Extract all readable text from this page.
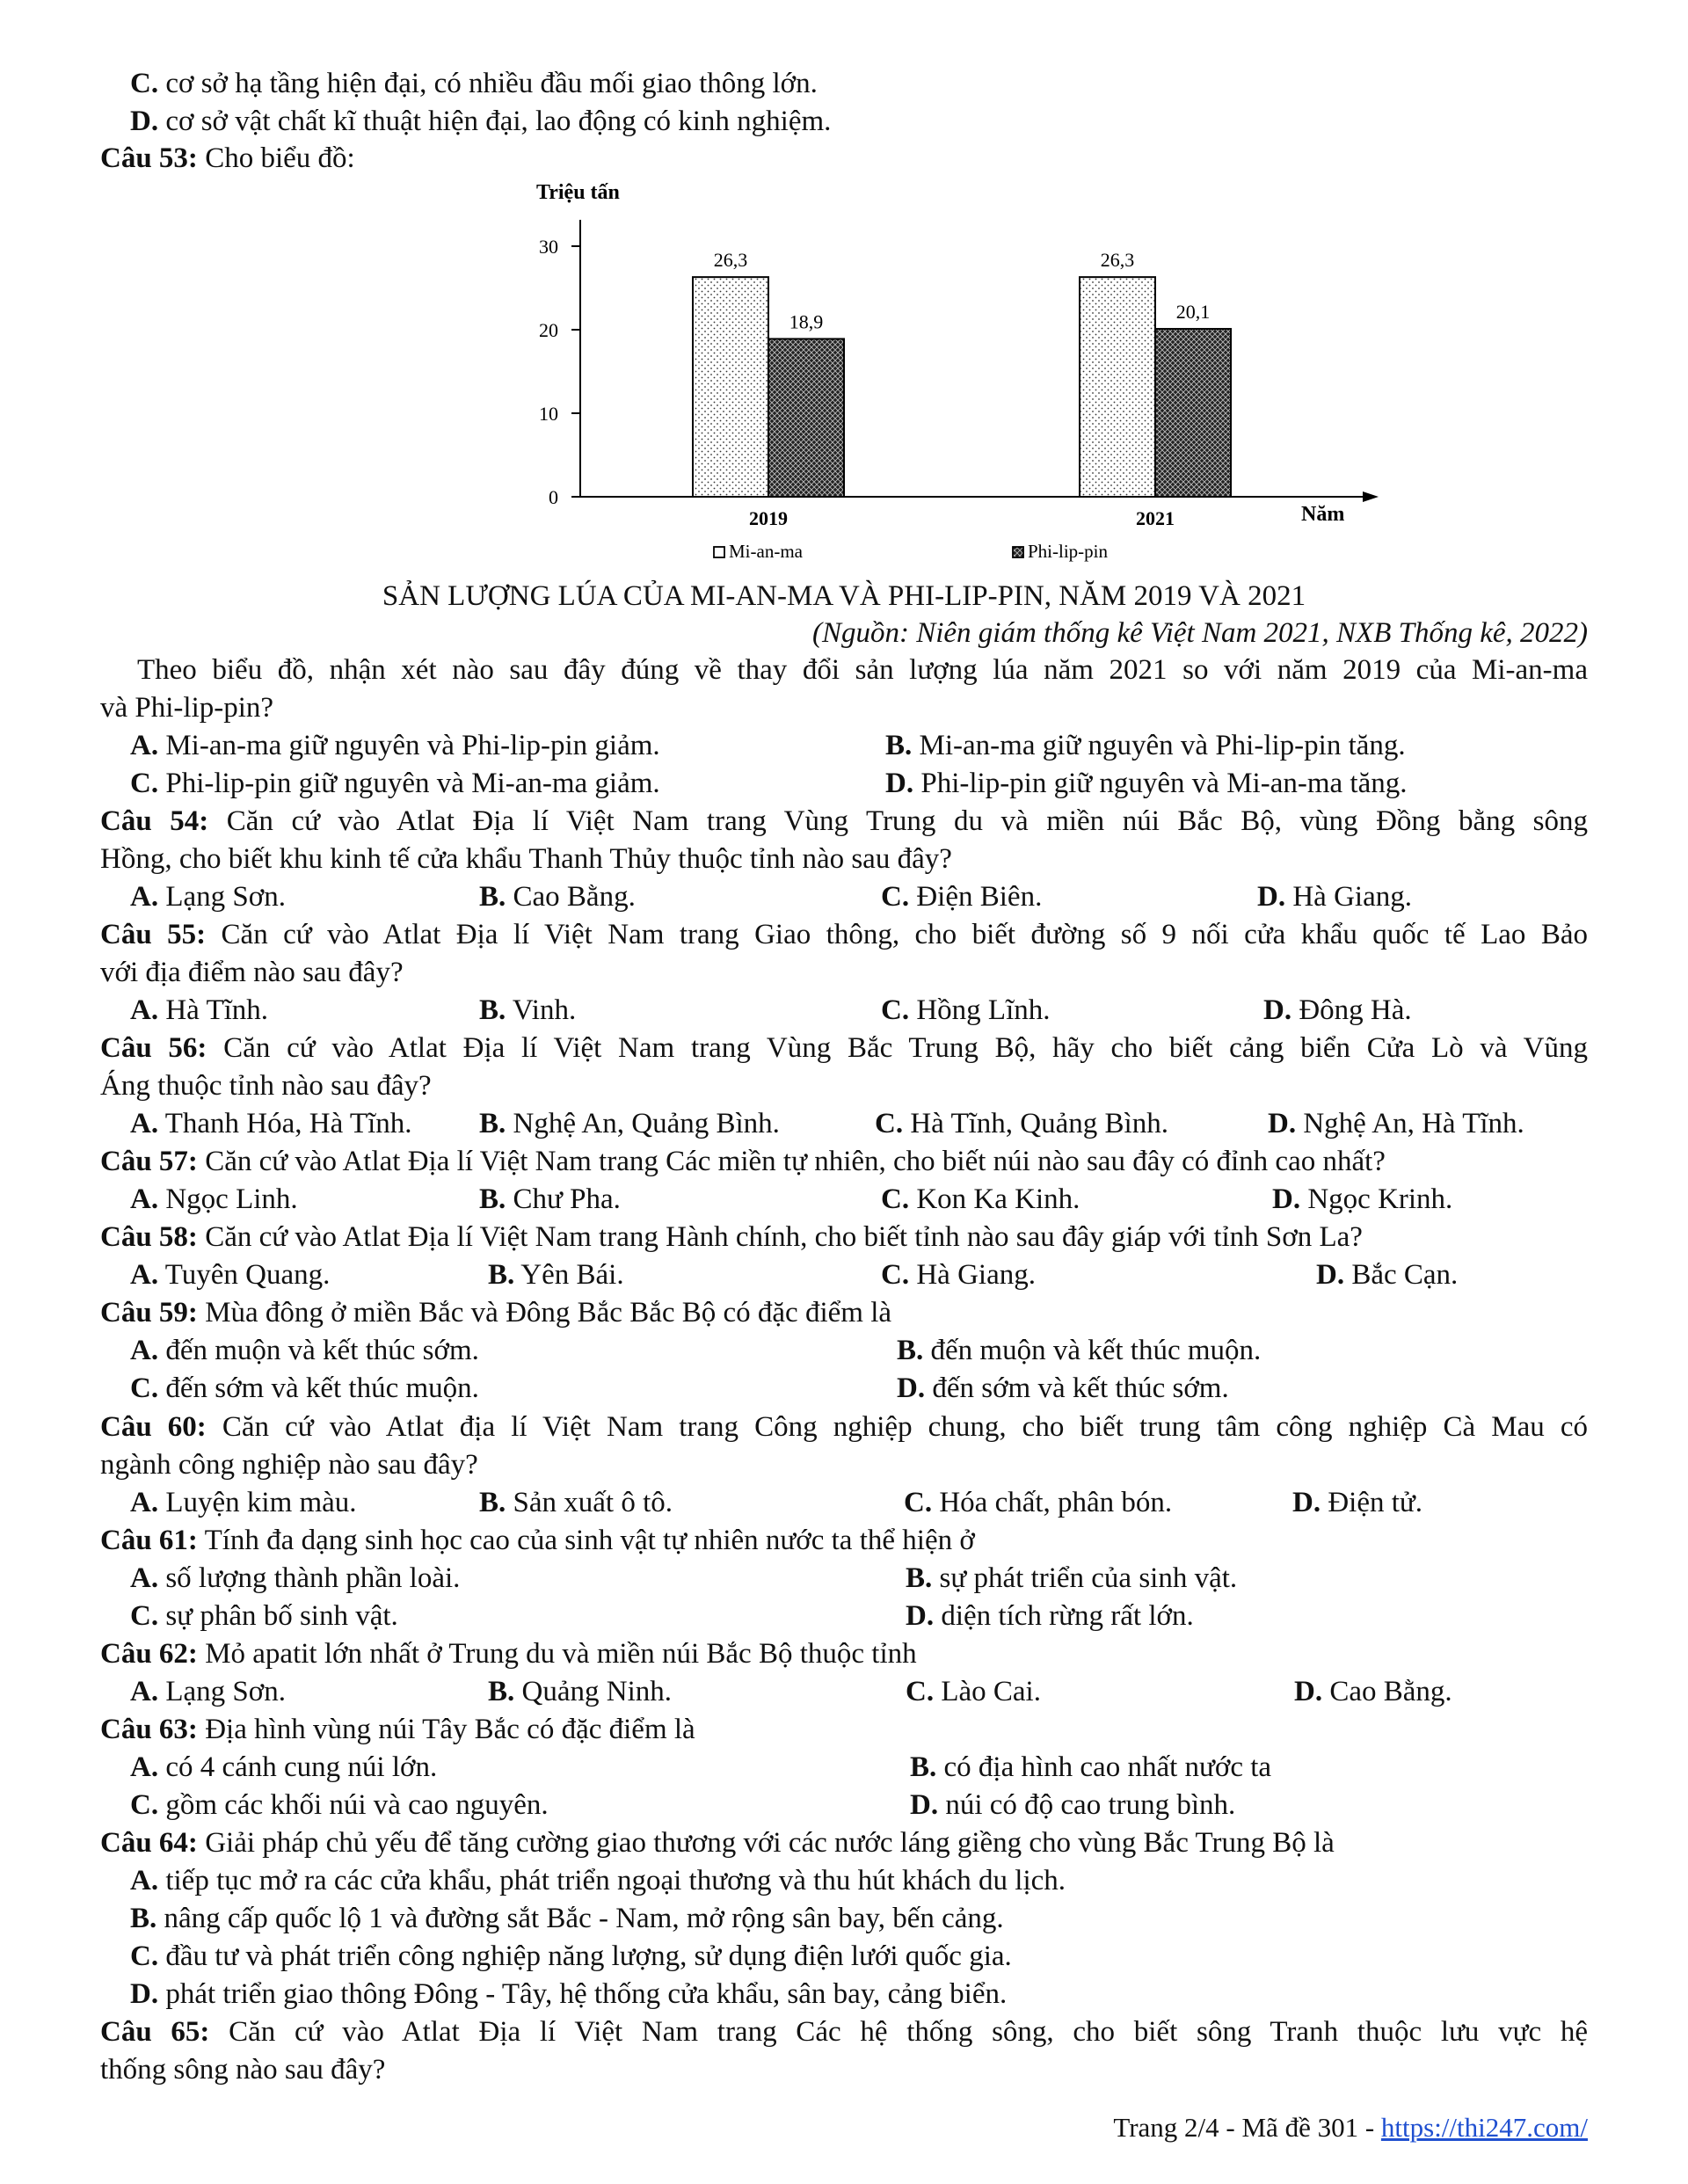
C. cơ sở hạ tầng hiện đại, có nhiều đầu mối giao thông lớn.
D. cơ sở vật chất kĩ thuật hiện đại, lao động có kinh nghiệm.
Câu 53: Cho biểu đồ:
Triệu tấn
0
10
20
30
Năm
26,3
18,9
2019
26,3
20,1
2021
Mi-an-ma	Phi-lip-pin
SẢN LƯỢNG LÚA CỦA MI-AN-MA VÀ PHI-LIP-PIN, NĂM 2019 VÀ 2021
(Nguồn: Niên giám thống kê Việt Nam 2021, NXB Thống kê, 2022)
Theo biểu đồ, nhận xét nào sau đây đúng về thay đổi sản lượng lúa năm 2021 so với năm 2019 của Mi-an-ma
và Phi-lip-pin?
A. Mi-an-ma giữ nguyên và Phi-lip-pin giảm.	B. Mi-an-ma giữ nguyên và Phi-lip-pin tăng.
C. Phi-lip-pin giữ nguyên và Mi-an-ma giảm.	D. Phi-lip-pin giữ nguyên và Mi-an-ma tăng.
Câu 54: Căn cứ vào Atlat Địa lí Việt Nam trang Vùng Trung du và miền núi Bắc Bộ, vùng Đồng bằng sông
Hồng, cho biết khu kinh tế cửa khẩu Thanh Thủy thuộc tỉnh nào sau đây?
A. Lạng Sơn.	B. Cao Bằng.	C. Điện Biên.	D. Hà Giang.
Câu 55: Căn cứ vào Atlat Địa lí Việt Nam trang Giao thông, cho biết đường số 9 nối cửa khẩu quốc tế Lao Bảo
với địa điểm nào sau đây?
A. Hà Tĩnh.	B. Vinh.	C. Hồng Lĩnh.	D. Đông Hà.
Câu 56: Căn cứ vào Atlat Địa lí Việt Nam trang Vùng Bắc Trung Bộ, hãy cho biết cảng biển Cửa Lò và Vũng
Áng thuộc tỉnh nào sau đây?
A. Thanh Hóa, Hà Tĩnh. B. Nghệ An, Quảng Bình.	C. Hà Tĩnh, Quảng Bình.	D. Nghệ An, Hà Tĩnh.
Câu 57: Căn cứ vào Atlat Địa lí Việt Nam trang Các miền tự nhiên, cho biết núi nào sau đây có đỉnh cao nhất?
A. Ngọc Linh.	B. Chư Pha.	C. Kon Ka Kinh.	D. Ngọc Krinh.
Câu 58: Căn cứ vào Atlat Địa lí Việt Nam trang Hành chính, cho biết tỉnh nào sau đây giáp với tỉnh Sơn La?
A. Tuyên Quang.	B. Yên Bái.	C. Hà Giang.	D. Bắc Cạn.
Câu 59: Mùa đông ở miền Bắc và Đông Bắc Bắc Bộ có đặc điểm là
A. đến muộn và kết thúc sớm.	B. đến muộn và kết thúc muộn.
C. đến sớm và kết thúc muộn.	D. đến sớm và kết thúc sớm.
Câu 60: Căn cứ vào Atlat địa lí Việt Nam trang Công nghiệp chung, cho biết trung tâm công nghiệp Cà Mau có
ngành công nghiệp nào sau đây?
A. Luyện kim màu.	B. Sản xuất ô tô.	C. Hóa chất, phân bón.	D. Điện tử.
Câu 61: Tính đa dạng sinh học cao của sinh vật tự nhiên nước ta thể hiện ở
A. số lượng thành phần loài.	B. sự phát triển của sinh vật.
C. sự phân bố sinh vật.	D. diện tích rừng rất lớn.
Câu 62: Mỏ apatit lớn nhất ở Trung du và miền núi Bắc Bộ thuộc tỉnh
A. Lạng Sơn.	B. Quảng Ninh.	C. Lào Cai.	D. Cao Bằng.
Câu 63: Địa hình vùng núi Tây Bắc có đặc điểm là
A. có 4 cánh cung núi lớn.	B. có địa hình cao nhất nước ta
C. gồm các khối núi và cao nguyên.	D. núi có độ cao trung bình.
Câu 64: Giải pháp chủ yếu để tăng cường giao thương với các nước láng giềng cho vùng Bắc Trung Bộ là
A. tiếp tục mở ra các cửa khẩu, phát triển ngoại thương và thu hút khách du lịch.
B. nâng cấp quốc lộ 1 và đường sắt Bắc - Nam, mở rộng sân bay, bến cảng.
C. đầu tư và phát triển công nghiệp năng lượng, sử dụng điện lưới quốc gia.
D. phát triển giao thông Đông - Tây, hệ thống cửa khẩu, sân bay, cảng biển.
Câu 65: Căn cứ vào Atlat Địa lí Việt Nam trang Các hệ thống sông, cho biết sông Tranh thuộc lưu vực hệ
thống sông nào sau đây?
Trang 2/4 - Mã đề 301 - https://thi247.com/
